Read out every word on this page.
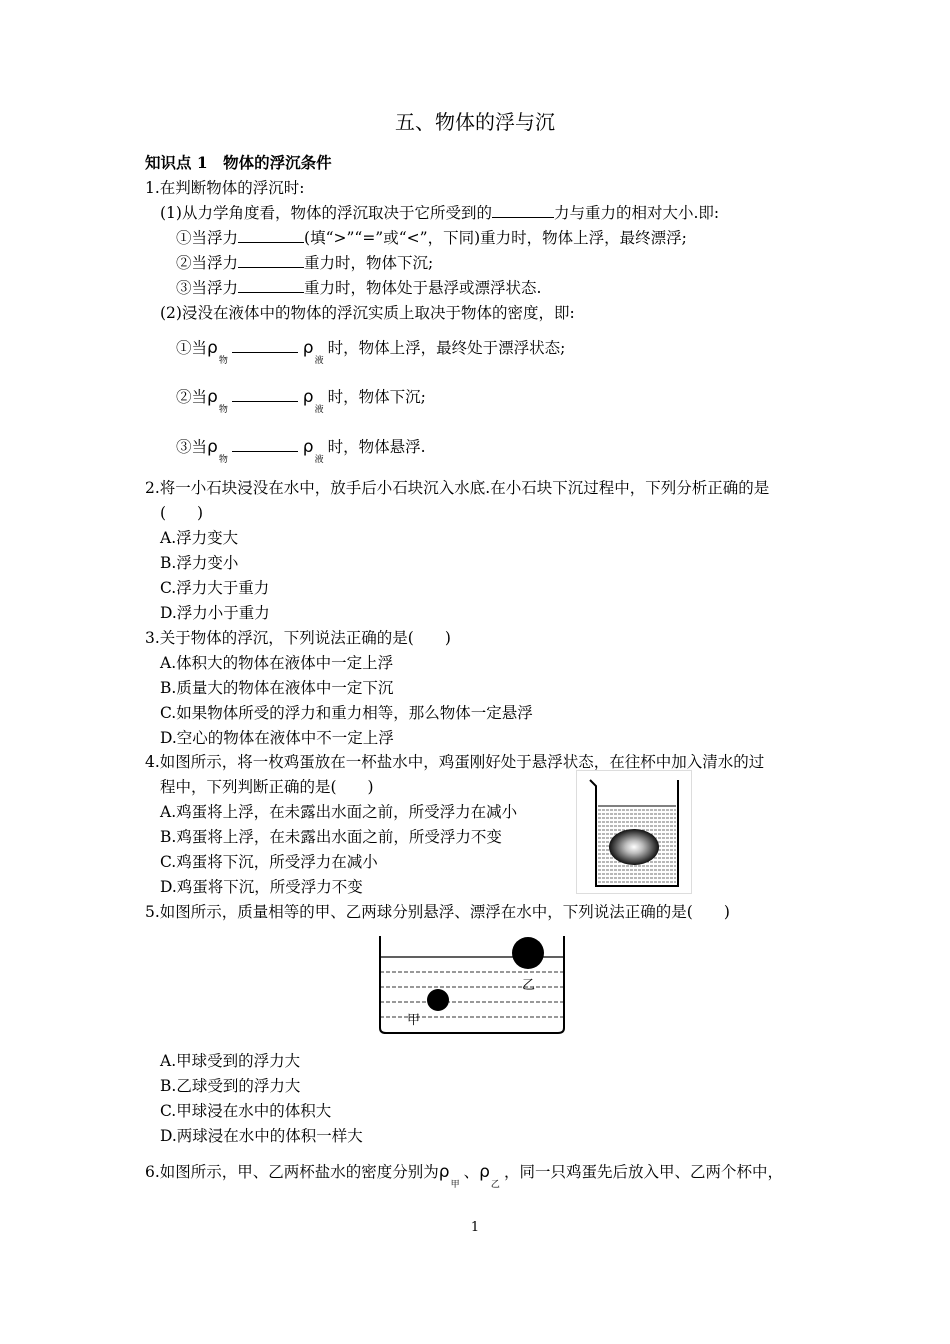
五、物体的浮与沉
知识点 1　物体的浮沉条件
1.在判断物体的浮沉时:
(1)从力学角度看，物体的浮沉取决于它所受到的	力与重力的相对大小.即:
①当浮力	(填“>”“=”或“<”，下同)重力时，物体上浮，最终漂浮;
②当浮力	重力时，物体下沉;
③当浮力	重力时，物体处于悬浮或漂浮状态.
(2)浸没在液体中的物体的浮沉实质上取决于物体的密度，即:
①当$\rho_物$ $\rho_液$时，物体上浮，最终处于漂浮状态;
②当$\rho_物$ $\rho_液$时，物体下沉;
③当$\rho_物$ $\rho_液$时，物体悬浮.
2.将一小石块浸没在水中，放手后小石块沉入水底.在小石块下沉过程中，下列分析正确的是
(　　)
A.浮力变大
B.浮力变小
C.浮力大于重力
D.浮力小于重力
3.关于物体的浮沉，下列说法正确的是(　　)
A.体积大的物体在液体中一定上浮
B.质量大的物体在液体中一定下沉
C.如果物体所受的浮力和重力相等，那么物体一定悬浮
D.空心的物体在液体中不一定上浮
4.如图所示，将一枚鸡蛋放在一杯盐水中，鸡蛋刚好处于悬浮状态，在往杯中加入清水的过
程中，下列判断正确的是(　　)
A.鸡蛋将上浮，在未露出水面之前，所受浮力在减小
B.鸡蛋将上浮，在未露出水面之前，所受浮力不变
C.鸡蛋将下沉，所受浮力在减小
D.鸡蛋将下沉，所受浮力不变
5.如图所示，质量相等的甲、乙两球分别悬浮、漂浮在水中，下列说法正确的是(　　)
乙
甲
A.甲球受到的浮力大
B.乙球受到的浮力大
C.甲球浸在水中的体积大
D.两球浸在水中的体积一样大
6.如图所示，甲、乙两杯盐水的密度分别为$\rho_甲$、$\rho_乙$，同一只鸡蛋先后放入甲、乙两个杯中，
1
